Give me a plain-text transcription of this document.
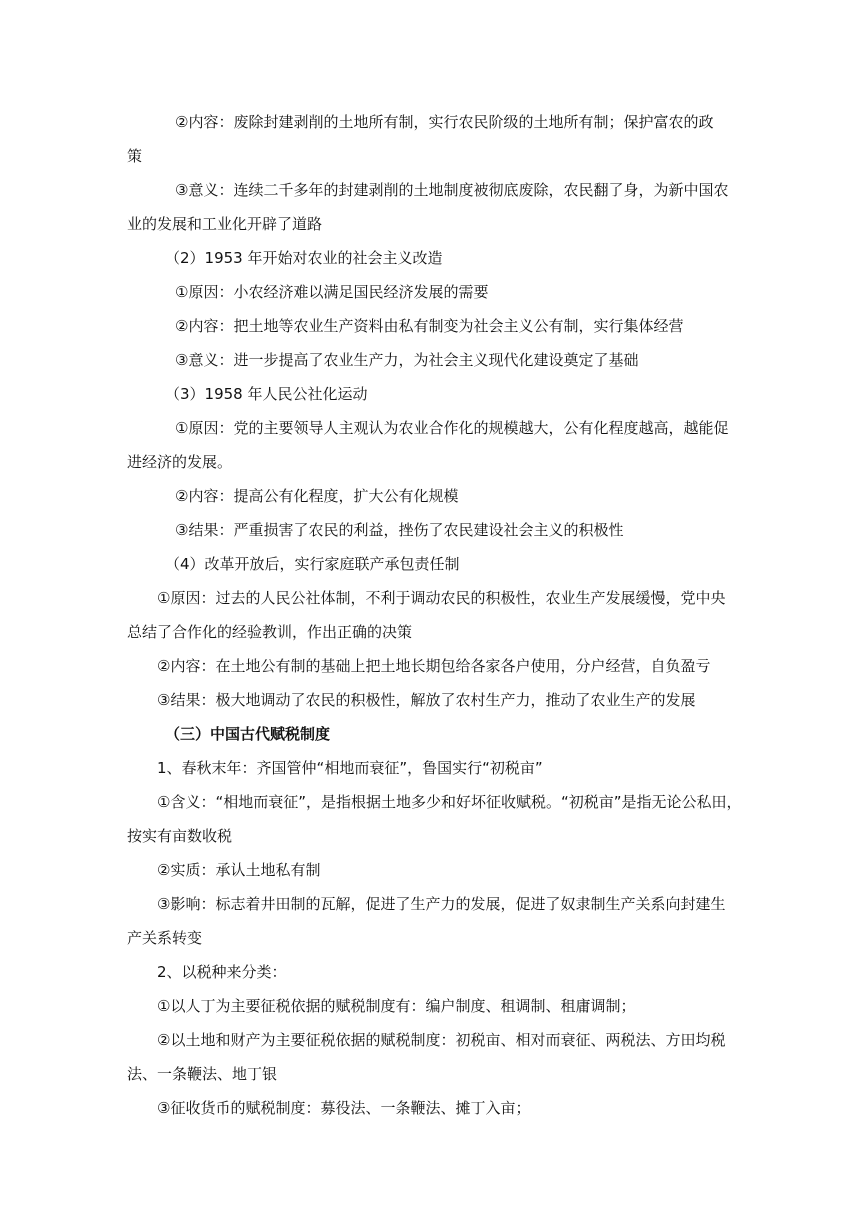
②内容：废除封建剥削的土地所有制，实行农民阶级的土地所有制；保护富农的政
策
③意义：连续二千多年的封建剥削的土地制度被彻底废除，农民翻了身，为新中国农
业的发展和工业化开辟了道路
（2）1953 年开始对农业的社会主义改造
①原因：小农经济难以满足国民经济发展的需要
②内容：把土地等农业生产资料由私有制变为社会主义公有制，实行集体经营
③意义：进一步提高了农业生产力，为社会主义现代化建设奠定了基础
（3）1958 年人民公社化运动
①原因：党的主要领导人主观认为农业合作化的规模越大，公有化程度越高，越能促
进经济的发展。
②内容：提高公有化程度，扩大公有化规模
③结果：严重损害了农民的利益，挫伤了农民建设社会主义的积极性
（4）改革开放后，实行家庭联产承包责任制
①原因：过去的人民公社体制，不利于调动农民的积极性，农业生产发展缓慢，党中央
总结了合作化的经验教训，作出正确的决策
②内容：在土地公有制的基础上把土地长期包给各家各户使用，分户经营，自负盈亏
③结果：极大地调动了农民的积极性，解放了农村生产力，推动了农业生产的发展
（三）中国古代赋税制度
1、春秋末年：齐国管仲“相地而衰征”，鲁国实行“初税亩”
①含义：“相地而衰征”，是指根据土地多少和好坏征收赋税。“初税亩”是指无论公私田，
按实有亩数收税
②实质：承认土地私有制
③影响：标志着井田制的瓦解，促进了生产力的发展，促进了奴隶制生产关系向封建生
产关系转变
2、以税种来分类：
①以人丁为主要征税依据的赋税制度有：编户制度、租调制、租庸调制；
②以土地和财产为主要征税依据的赋税制度：初税亩、相对而衰征、两税法、方田均税
法、一条鞭法、地丁银
③征收货币的赋税制度：募役法、一条鞭法、摊丁入亩；
